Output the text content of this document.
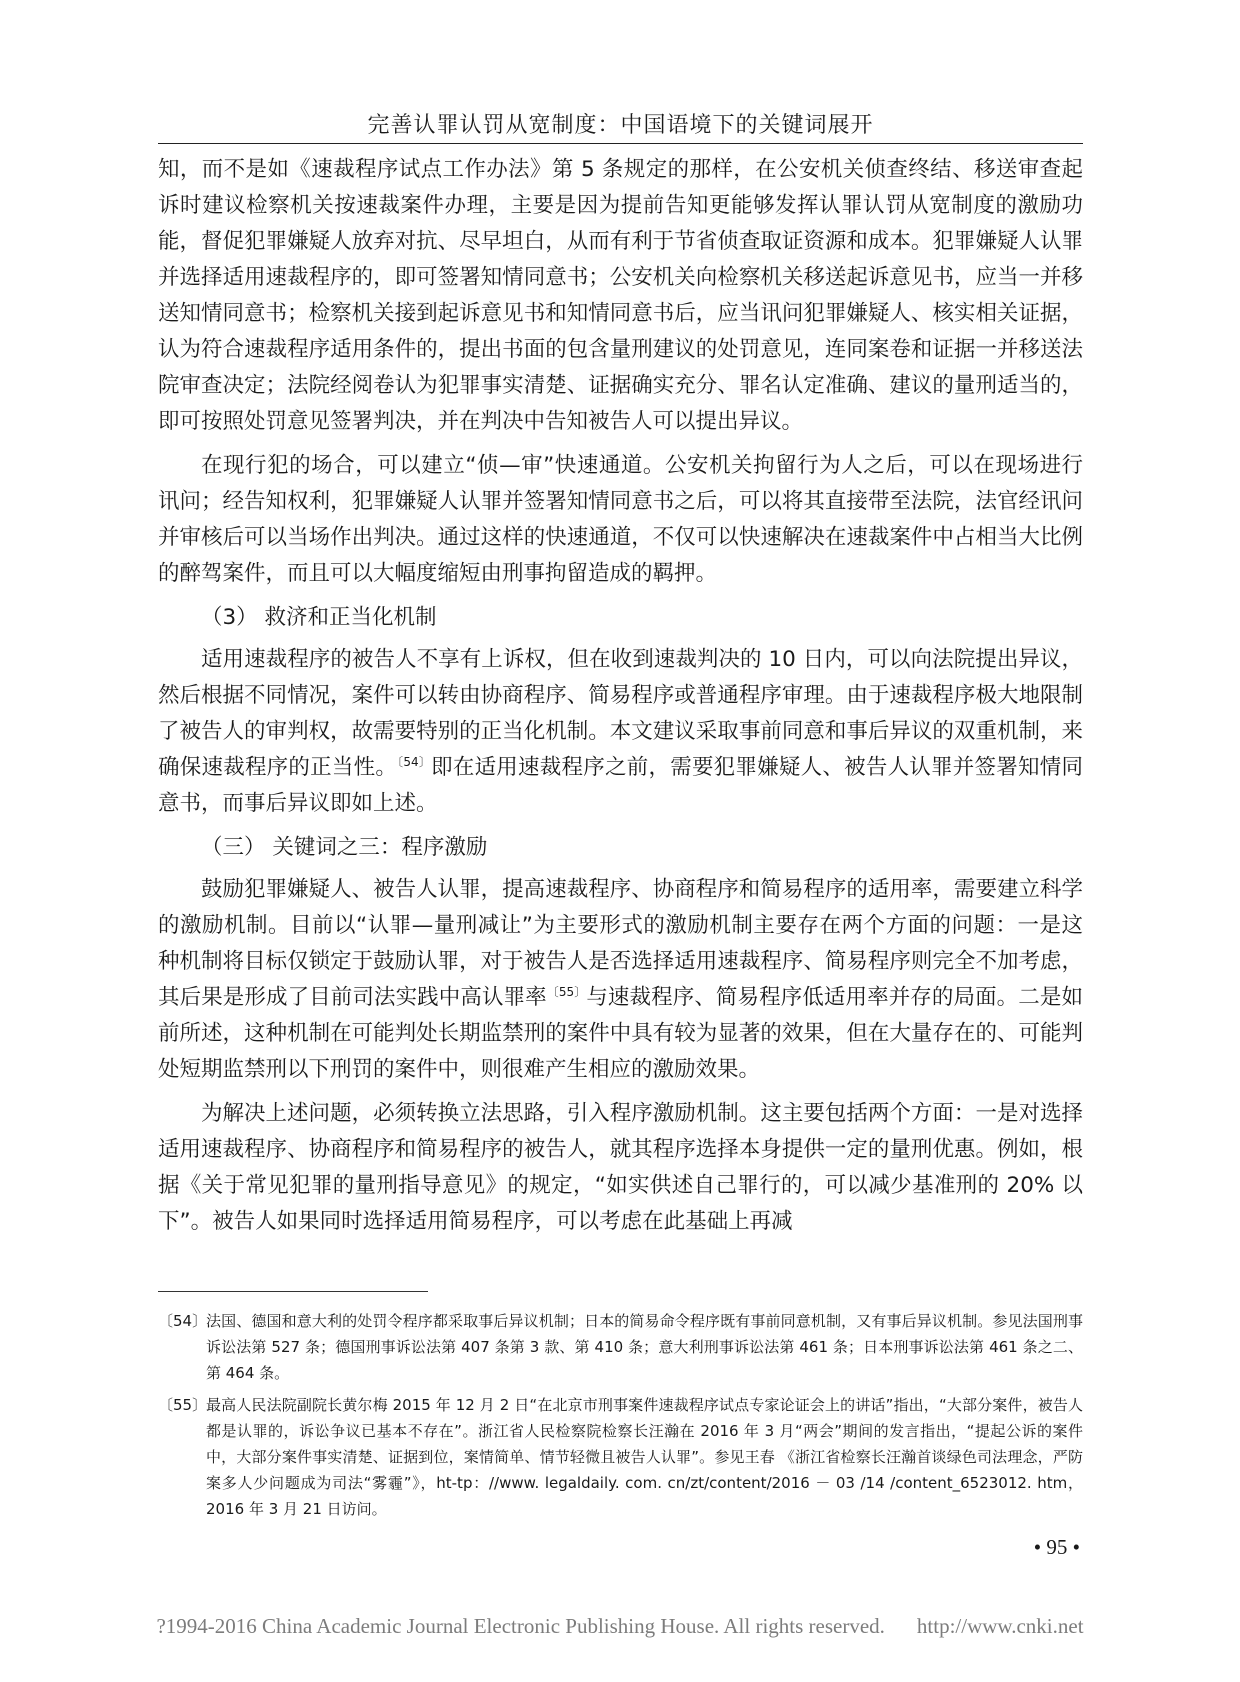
完善认罪认罚从宽制度：中国语境下的关键词展开

知，而不是如《速裁程序试点工作办法》第 5 条规定的那样，在公安机关侦查终结、移送审查起诉时建议检察机关按速裁案件办理，主要是因为提前告知更能够发挥认罪认罚从宽制度的激励功能，督促犯罪嫌疑人放弃对抗、尽早坦白，从而有利于节省侦查取证资源和成本。犯罪嫌疑人认罪并选择适用速裁程序的，即可签署知情同意书；公安机关向检察机关移送起诉意见书，应当一并移送知情同意书；检察机关接到起诉意见书和知情同意书后，应当讯问犯罪嫌疑人、核实相关证据，认为符合速裁程序适用条件的，提出书面的包含量刑建议的处罚意见，连同案卷和证据一并移送法院审查决定；法院经阅卷认为犯罪事实清楚、证据确实充分、罪名认定准确、建议的量刑适当的，即可按照处罚意见签署判决，并在判决中告知被告人可以提出异议。

在现行犯的场合，可以建立“侦—审”快速通道。公安机关拘留行为人之后，可以在现场进行讯问；经告知权利，犯罪嫌疑人认罪并签署知情同意书之后，可以将其直接带至法院，法官经讯问并审核后可以当场作出判决。通过这样的快速通道，不仅可以快速解决在速裁案件中占相当大比例的醉驾案件，而且可以大幅度缩短由刑事拘留造成的羁押。

（3） 救济和正当化机制

适用速裁程序的被告人不享有上诉权，但在收到速裁判决的 10 日内，可以向法院提出异议，然后根据不同情况，案件可以转由协商程序、简易程序或普通程序审理。由于速裁程序极大地限制了被告人的审判权，故需要特别的正当化机制。本文建议采取事前同意和事后异议的双重机制，来确保速裁程序的正当性。$^{〔54〕}$即在适用速裁程序之前，需要犯罪嫌疑人、被告人认罪并签署知情同意书，而事后异议即如上述。

（三） 关键词之三：程序激励

鼓励犯罪嫌疑人、被告人认罪，提高速裁程序、协商程序和简易程序的适用率，需要建立科学的激励机制。目前以“认罪—量刑减让”为主要形式的激励机制主要存在两个方面的问题：一是这种机制将目标仅锁定于鼓励认罪，对于被告人是否选择适用速裁程序、简易程序则完全不加考虑，其后果是形成了目前司法实践中高认罪率$^{〔55〕}$与速裁程序、简易程序低适用率并存的局面。二是如前所述，这种机制在可能判处长期监禁刑的案件中具有较为显著的效果，但在大量存在的、可能判处短期监禁刑以下刑罚的案件中，则很难产生相应的激励效果。

为解决上述问题，必须转换立法思路，引入程序激励机制。这主要包括两个方面：一是对选择适用速裁程序、协商程序和简易程序的被告人，就其程序选择本身提供一定的量刑优惠。例如，根据《关于常见犯罪的量刑指导意见》的规定，“如实供述自己罪行的，可以减少基准刑的 20% 以下”。被告人如果同时选择适用简易程序，可以考虑在此基础上再减

〔54〕
法国、德国和意大利的处罚令程序都采取事后异议机制；日本的简易命令程序既有事前同意机制，又有事后异议机制。参见法国刑事诉讼法第 527 条；德国刑事诉讼法第 407 条第 3 款、第 410 条；意大利刑事诉讼法第 461 条；日本刑事诉讼法第 461 条之二、第 464 条。
〔55〕
最高人民法院副院长黄尔梅 2015 年 12 月 2 日“在北京市刑事案件速裁程序试点专家论证会上的讲话”指出，“大部分案件，被告人都是认罪的，诉讼争议已基本不存在”。浙江省人民检察院检察长汪瀚在 2016 年 3 月“两会”期间的发言指出，“提起公诉的案件中，大部分案件事实清楚、证据到位，案情简单、情节轻微且被告人认罪”。参见王春 《浙江省检察长汪瀚首谈绿色司法理念，严防案多人少问题成为司法“雾霾”》，ht-tp：//www. legaldaily. com. cn/zt/content/2016 － 03 /14 /content_6523012. htm，2016 年 3 月 21 日访问。
• 95 •
?1994-2016 China Academic Journal Electronic Publishing House. All rights reserved. http://www.cnki.net
